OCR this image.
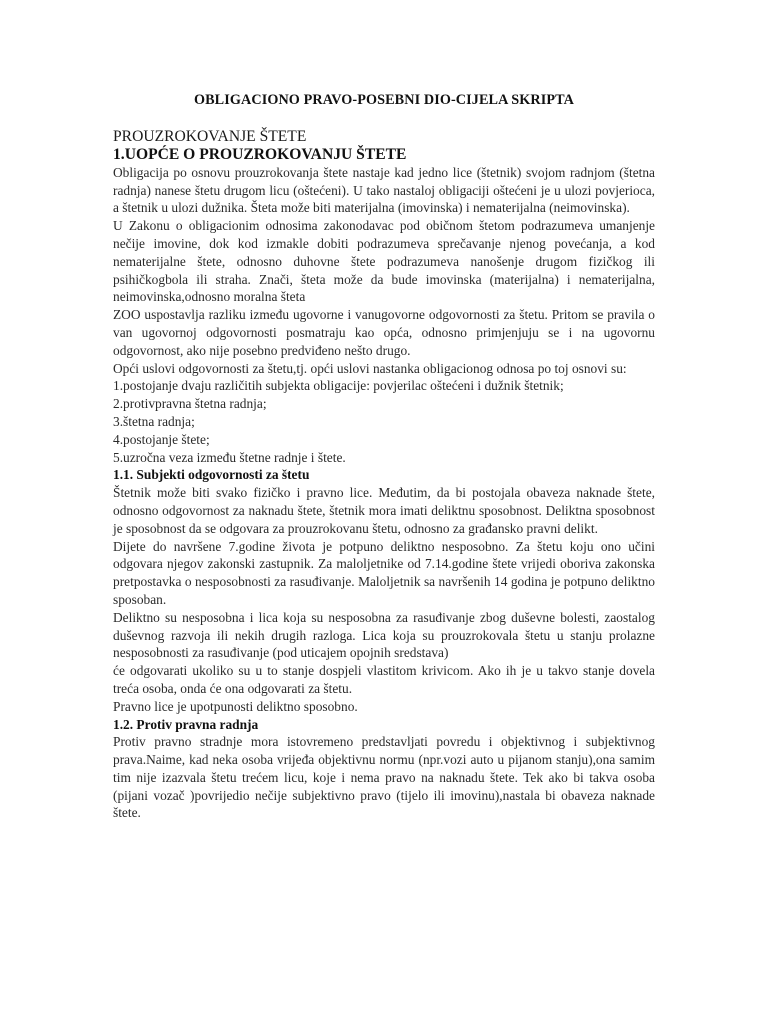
OBLIGACIONO PRAVO-POSEBNI DIO-CIJELA SKRIPTA

PROUZROKOVANJE ŠTETE

1.UOPĆE O PROUZROKOVANJU ŠTETE

Obligacija po osnovu prouzrokovanja štete nastaje kad jedno lice (štetnik) svojom radnjom (štetna radnja) nanese štetu drugom licu (oštećeni). U tako nastaloj obligaciji oštećeni je u ulozi povjerioca, a štetnik u ulozi dužnika. Šteta može biti materijalna (imovinska) i nematerijalna (neimovinska).

U Zakonu o obligacionim odnosima zakonodavac pod običnom štetom podrazumeva umanjenje nečije imovine, dok kod izmakle dobiti podrazumeva sprečavanje njenog povećanja, a kod nematerijalne štete, odnosno duhovne štete podrazumeva nanošenje drugom fizičkog ili psihičkogbola ili straha. Znači, šteta može da bude imovinska (materijalna) i nematerijalna, neimovinska,odnosno moralna šteta

ZOO uspostavlja razliku između ugovorne i vanugovorne odgovornosti za štetu. Pritom se pravila o van ugovornoj odgovornosti posmatraju kao opća, odnosno primjenjuju se i na ugovornu odgovornost, ako nije posebno predviđeno nešto drugo.

Opći uslovi odgovornosti za štetu,tj. opći uslovi nastanka obligacionog odnosa po toj osnovi su:

1.postojanje dvaju različitih subjekta obligacije: povjerilac oštećeni i dužnik štetnik;

2.protivpravna štetna radnja;

3.štetna radnja;

4.postojanje štete;

5.uzročna veza između štetne radnje i štete.

1.1. Subjekti odgovornosti za štetu

Štetnik može biti svako fizičko i pravno lice. Međutim, da bi postojala obaveza naknade štete, odnosno odgovornost za naknadu štete, štetnik mora imati deliktnu sposobnost. Deliktna sposobnost je sposobnost da se odgovara za prouzrokovanu štetu, odnosno za građansko pravni delikt.

Dijete do navršene 7.godine života je potpuno deliktno nesposobno. Za štetu koju ono učini odgovara njegov zakonski zastupnik. Za maloljetnike od 7.14.godine štete vrijedi oboriva zakonska pretpostavka o nesposobnosti za rasuđivanje. Maloljetnik sa navršenih 14 godina je potpuno deliktno sposoban.

Deliktno su nesposobna i lica koja su nesposobna za rasuđivanje zbog duševne bolesti, zaostalog duševnog razvoja ili nekih drugih razloga. Lica koja su prouzrokovala štetu u stanju prolazne nesposobnosti za rasuđivanje (pod uticajem opojnih sredstava)

će odgovarati ukoliko su u to stanje dospjeli vlastitom krivicom. Ako ih je u takvo stanje dovela treća osoba, onda će ona odgovarati za štetu.

Pravno lice je upotpunosti deliktno sposobno.

1.2. Protiv pravna radnja

Protiv pravno stradnje mora istovremeno predstavljati povredu i objektivnog i subjektivnog prava.Naime, kad neka osoba vrijeđa objektivnu normu (npr.vozi auto u pijanom stanju),ona samim tim nije izazvala štetu trećem licu, koje i nema pravo na naknadu štete. Tek ako bi takva osoba (pijani vozač )povrijedio nečije subjektivno pravo (tijelo ili imovinu),nastala bi obaveza naknade štete.
